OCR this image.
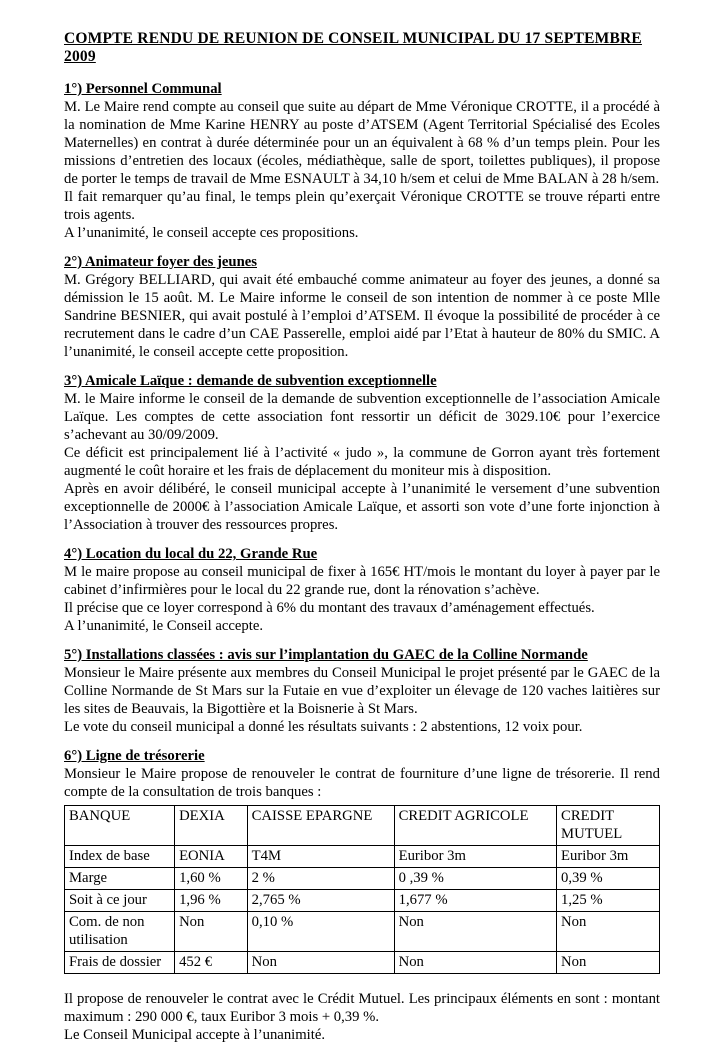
COMPTE RENDU DE REUNION DE CONSEIL MUNICIPAL DU 17 SEPTEMBRE 2009
1°) Personnel Communal

M. Le Maire rend compte au conseil que suite au départ de Mme Véronique CROTTE, il a procédé à la nomination de Mme Karine HENRY au poste d’ATSEM (Agent Territorial Spécialisé des Ecoles Maternelles) en contrat à durée déterminée pour un an équivalent à 68 % d’un temps plein. Pour les missions d’entretien des locaux (écoles, médiathèque, salle de sport, toilettes publiques), il propose de porter le temps de travail de Mme ESNAULT à 34,10 h/sem et celui de Mme BALAN à 28 h/sem.

Il fait remarquer qu’au final, le temps plein qu’exerçait Véronique CROTTE se trouve réparti entre trois agents.

A l’unanimité, le conseil accepte ces propositions.

2°) Animateur foyer des jeunes

M. Grégory BELLIARD, qui avait été embauché comme animateur au foyer des jeunes, a donné sa démission le 15 août. M. Le Maire informe le conseil de son intention de nommer à ce poste Mlle Sandrine BESNIER, qui avait postulé à l’emploi d’ATSEM. Il évoque la possibilité de procéder à ce recrutement dans le cadre d’un CAE Passerelle, emploi aidé par l’Etat à hauteur de 80% du SMIC. A l’unanimité, le conseil accepte cette proposition.

3°) Amicale Laïque : demande de subvention exceptionnelle

M. le Maire informe le conseil de la demande de subvention exceptionnelle de l’association Amicale Laïque. Les comptes de cette association font ressortir un déficit de 3029.10€ pour l’exercice s’achevant au 30/09/2009.

Ce déficit est principalement lié à l’activité « judo », la commune de Gorron ayant très fortement augmenté le coût horaire et les frais de déplacement du moniteur mis à disposition.

Après en avoir délibéré, le conseil municipal accepte à l’unanimité le versement d’une subvention exceptionnelle de 2000€ à l’association Amicale Laïque, et assorti son vote d’une forte injonction à l’Association à trouver des ressources propres.

4°) Location du local du 22, Grande Rue

M le maire propose au conseil municipal de fixer à 165€ HT/mois le montant du loyer à payer par le cabinet d’infirmières pour le local du 22 grande rue, dont la rénovation s’achève.

Il précise que ce loyer correspond à 6% du montant des travaux d’aménagement effectués.

A l’unanimité, le Conseil accepte.

5°) Installations classées : avis sur l’implantation du GAEC de la Colline Normande

Monsieur le Maire présente aux membres du Conseil Municipal le projet présenté par le GAEC de la Colline Normande de St Mars sur la Futaie en vue d’exploiter un élevage de 120 vaches laitières sur les sites de Beauvais, la Bigottière et la Boisnerie à St Mars.

Le vote du conseil municipal a donné les résultats suivants : 2 abstentions, 12 voix pour.

6°) Ligne de trésorerie

Monsieur le Maire propose de renouveler le contrat de fourniture d’une ligne de trésorerie. Il rend compte de la consultation de trois banques :

BANQUE	DEXIA	CAISSE EPARGNE	CREDIT AGRICOLE	CREDIT MUTUEL
Index de base	EONIA	T4M	Euribor 3m	Euribor 3m
Marge	1,60 %	2 %	0 ,39 %	0,39 %
Soit à ce jour	1,96 %	2,765 %	1,677 %	1,25 %
Com. de non utilisation	Non	0,10 %	Non	Non
Frais de dossier	452 €	Non	Non	Non

Il propose de renouveler le contrat avec le Crédit Mutuel. Les principaux éléments en sont : montant maximum : 290 000 €, taux Euribor 3 mois + 0,39 %.

Le Conseil Municipal accepte à l’unanimité.
